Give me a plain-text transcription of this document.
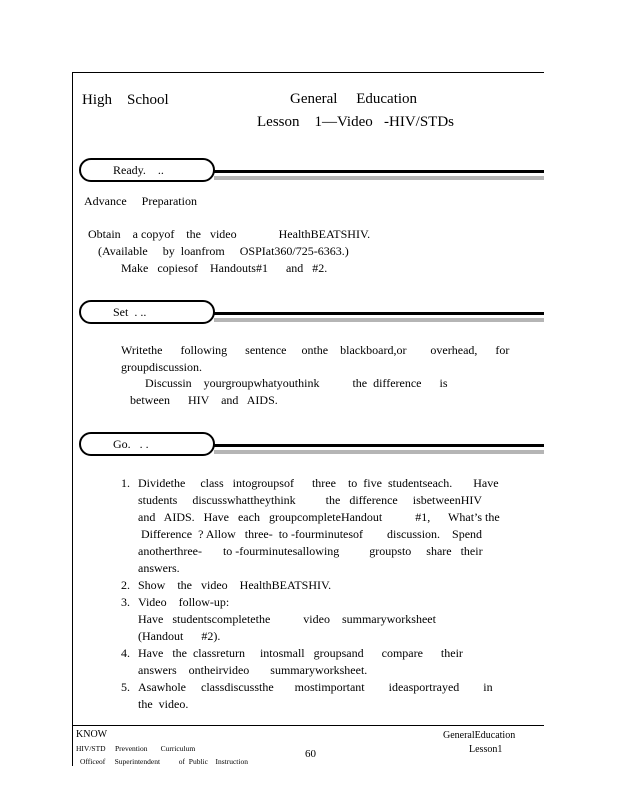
High    School	General     Education
Lesson    1—Video   -HIV/STDs
Ready.    ..
Advance     Preparation
Obtain    a copyof    the   video              HealthBEATSHIV.
(Available     by  loanfrom     OSPIat360/725-6363.)
Make   copiesof    Handouts#1      and   #2.
Set  . ..
Writethe      following      sentence     onthe    blackboard,or        overhead,      for
groupdiscussion.
Discussin    yourgroupwhatyouthink           the  difference      is
between      HIV    and   AIDS.
Go.   . .
1. Dividethe     class   intogroupsof      three    to  five  studentseach.       Have
students     discusswhattheythink          the   difference     isbetweenHIV
and   AIDS.   Have   each   groupcompleteHandout           #1,      What’s the
Difference  ? Allow   three-  to -fourminutesof        discussion.    Spend
anotherthree-       to -fourminutesallowing          groupsto     share   their
answers.
2. Show    the   video    HealthBEATSHIV.
3. Video    follow-up:
Have   studentscompletethe           video    summaryworksheet
(Handout      #2).
4. Have   the  classreturn     intosmall   groupsand      compare      their
answers    ontheirvideo       summaryworksheet.
5. Asawhole     classdiscussthe       mostimportant        ideasportrayed        in
the  video.
KNOW
HIV/STD     Prevention       Curriculum
Officeof     Superintendent          of  Public    Instruction
60
GeneralEducation
Lesson1
